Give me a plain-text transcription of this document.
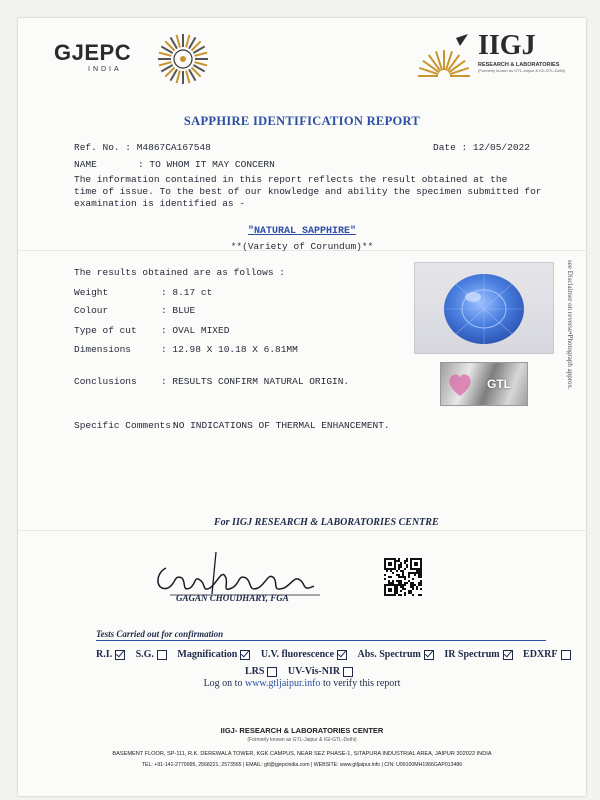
GJEPC
INDIA
IIGJ
RESEARCH & LABORATORIES
(Formerly known as GTL-Jaipur & IGI-GTL-Delhi)
SAPPHIRE IDENTIFICATION REPORT
Ref. No. : M4867CA167548	Date : 12/05/2022
NAME	: TO WHOM IT MAY CONCERN
The information contained in this report reflects the result obtained at the
time of issue. To the best of our knowledge and ability the specimen submitted for
examination is identified as -
"NATURAL SAPPHIRE"
**(Variety of Corundum)**
The results obtained are as follows :
Weight	: 8.17 ct
Colour	: BLUE
Type of cut	: OVAL MIXED
Dimensions	: 12.98 X 10.18 X 6.81MM
Conclusions	: RESULTS CONFIRM NATURAL ORIGIN.
Specific Comments:
NO INDICATIONS OF THERMAL ENHANCEMENT.
GTL	see Disclaimer on reverse•Photograph approx.
For IIGJ RESEARCH & LABORATORIES CENTRE
GAGAN CHOUDHARY, FGA
Tests Carried out for confirmation
R.I.
S.G.
Magnification
U.V. fluorescence
Abs. Spectrum
IR Spectrum
EDXRF
LRS
UV-Vis-NIR
Log on to www.gtljaipur.info to verify this report
IIGJ- RESEARCH & LABORATORIES CENTER
(Formerly known as GTL-Jaipur & IGI-GTL-Delhi)
BASEMENT FLOOR, SP-111, R.K. DEREWALA TOWER, KGK CAMPUS, NEAR SEZ PHASE-1, SITAPURA INDUSTRIAL AREA, JAIPUR 302022 INDIA
TEL: +91-141-2770995, 2568221, 2573565 | EMAIL: gtl@gjepcindia.com | WEBSITE: www.gtljaipur.info | CIN: U99100MH1966GAP013486
